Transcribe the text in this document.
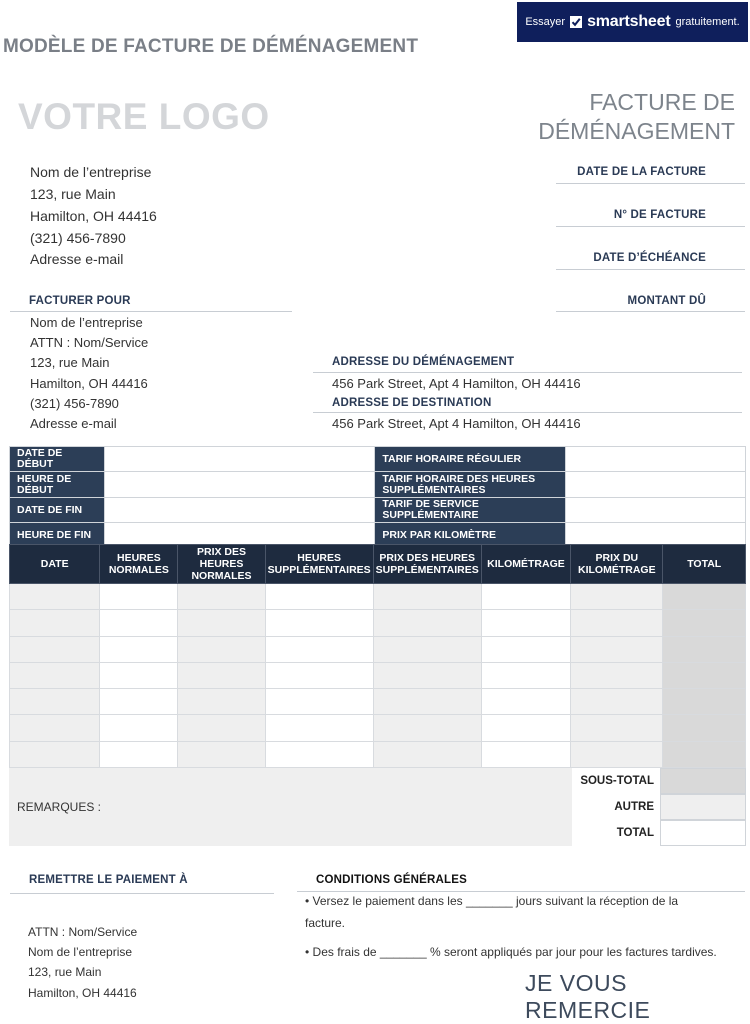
Essayer smartsheet gratuitement.
MODÈLE DE FACTURE DE DÉMÉNAGEMENT
VOTRE LOGO	FACTURE DE
DÉMÉNAGEMENT
Nom de l’entreprise
123, rue Main
Hamilton, OH 44416
(321) 456-7890
Adresse e-mail
DATE DE LA FACTURE
N° DE FACTURE
DATE D’ÉCHÉANCE
MONTANT DÛ
FACTURER POUR
Nom de l’entreprise
ATTN : Nom/Service
123, rue Main
Hamilton, OH 44416
(321) 456-7890
Adresse e-mail
ADRESSE DU DÉMÉNAGEMENT
456 Park Street, Apt 4 Hamilton, OH 44416
ADRESSE DE DESTINATION
456 Park Street, Apt 4 Hamilton, OH 44416
DATE DE DÉBUT		TARIF HORAIRE RÉGULIER	
HEURE DE DÉBUT		TARIF HORAIRE DES HEURES SUPPLÉMENTAIRES	
DATE DE FIN		TARIF DE SERVICE SUPPLÉMENTAIRE	
HEURE DE FIN		PRIX PAR KILOMÈTRE	
DATE	HEURES NORMALES	PRIX DES HEURES NORMALES	HEURES SUPPLÉMENTAIRES	PRIX DES HEURES SUPPLÉMENTAIRES	KILOMÉTRAGE	PRIX DU KILOMÉTRAGE	TOTAL

REMARQUES :
SOUS-TOTAL
AUTRE
TOTAL
REMETTRE LE PAIEMENT À
ATTN : Nom/Service
Nom de l’entreprise
123, rue Main
Hamilton, OH 44416
CONDITIONS GÉNÉRALES
• Versez le paiement dans les _______ jours suivant la réception de la
facture.
• Des frais de _______ % seront appliqués par jour pour les factures tardives.
JE VOUS REMERCIE
